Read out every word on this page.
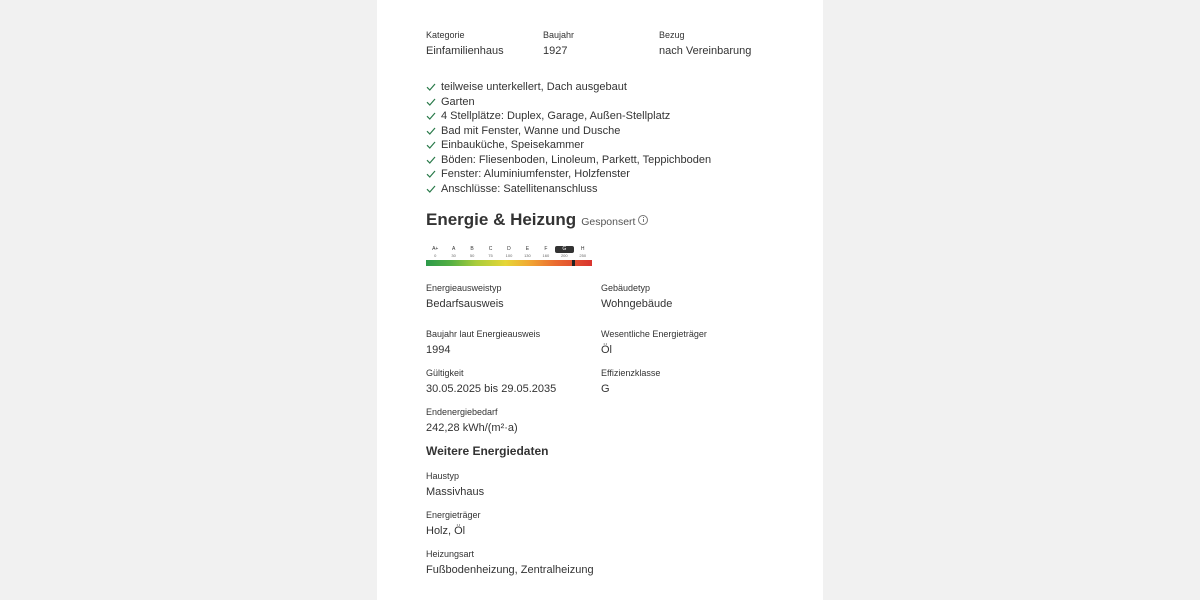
Kategorie
Einfamilienhaus
Baujahr
1927
Bezug
nach Vereinbarung
teilweise unterkellert, Dach ausgebaut
Garten
4 Stellplätze: Duplex, Garage, Außen-Stellplatz
Bad mit Fenster, Wanne und Dusche
Einbauküche, Speisekammer
Böden: Fliesenboden, Linoleum, Parkett, Teppichboden
Fenster: Aluminiumfenster, Holzfenster
Anschlüsse: Satellitenanschluss
Energie & Heizung Gesponsert
A+	A	B	C	D	E	F	G	H
0	30	50	75	100	130	160	200	250
Energieausweistyp
Bedarfsausweis
Gebäudetyp
Wohngebäude
Baujahr laut Energieausweis
1994
Wesentliche Energieträger
Öl
Gültigkeit
30.05.2025 bis 29.05.2035
Effizienzklasse
G
Endenergiebedarf
242,28 kWh/(m²·a)
Weitere Energiedaten
Haustyp
Massivhaus
Energieträger
Holz, Öl
Heizungsart
Fußbodenheizung, Zentralheizung
